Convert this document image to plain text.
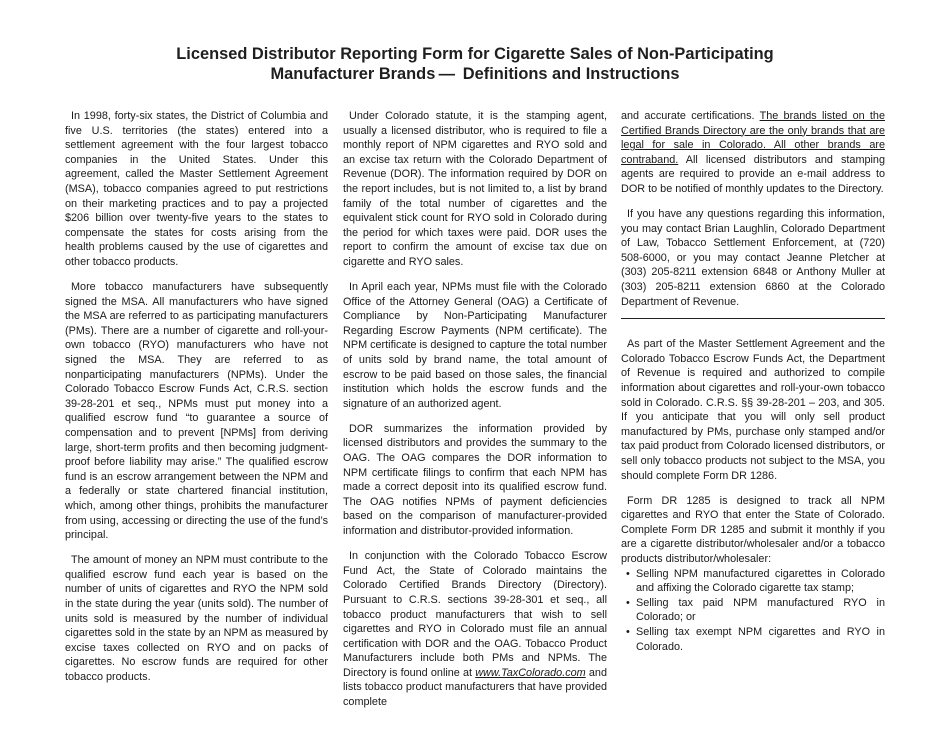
Licensed Distributor Reporting Form for Cigarette Sales of Non-Participating
Manufacturer Brands —  Definitions and Instructions

In 1998, forty-six states, the District of Columbia and five U.S. territories (the states) entered into a settlement agreement with the four largest tobacco companies in the United States. Under this agreement, called the Master Settlement Agreement (MSA), tobacco companies agreed to put restrictions on their marketing practices and to pay a projected $206 billion over twenty-five years to the states to compensate the states for costs arising from the health problems caused by the use of cigarettes and other tobacco products.

More tobacco manufacturers have subsequently signed the MSA. All manufacturers who have signed the MSA are referred to as participating manufacturers (PMs). There are a number of cigarette and roll-your-own tobacco (RYO) manufacturers who have not signed the MSA. They are referred to as nonparticipating manufacturers (NPMs). Under the Colorado Tobacco Escrow Funds Act, C.R.S. section 39-28-201 et seq., NPMs must put money into a qualified escrow fund “to guarantee a source of compensation and to prevent [NPMs] from deriving large, short-term profits and then becoming judgment-proof before liability may arise.” The qualified escrow fund is an escrow arrangement between the NPM and a federally or state chartered financial institution, which, among other things, prohibits the manufacturer from using, accessing or directing the use of the fund’s principal.

The amount of money an NPM must contribute to the qualified escrow fund each year is based on the number of units of cigarettes and RYO the NPM sold in the state during the year (units sold). The number of units sold is measured by the number of individual cigarettes sold in the state by an NPM as measured by excise taxes collected on RYO and on packs of cigarettes. No escrow funds are required for other tobacco products.

Under Colorado statute, it is the stamping agent, usually a licensed distributor, who is required to file a monthly report of NPM cigarettes and RYO sold and an excise tax return with the Colorado Department of Revenue (DOR). The information required by DOR on the report includes, but is not limited to, a list by brand family of the total number of cigarettes and the equivalent stick count for RYO sold in Colorado during the period for which taxes were paid. DOR uses the report to confirm the amount of excise tax due on cigarette and RYO sales.

In April each year, NPMs must file with the Colorado Office of the Attorney General (OAG) a Certificate of Compliance by Non-Participating Manufacturer Regarding Escrow Payments (NPM certificate). The NPM certificate is designed to capture the total number of units sold by brand name, the total amount of escrow to be paid based on those sales, the financial institution which holds the escrow funds and the signature of an authorized agent.

DOR summarizes the information provided by licensed distributors and provides the summary to the OAG. The OAG compares the DOR information to NPM certificate filings to confirm that each NPM has made a correct deposit into its qualified escrow fund. The OAG notifies NPMs of payment deficiencies based on the comparison of manufacturer-provided information and distributor-provided information.

In conjunction with the Colorado Tobacco Escrow Fund Act, the State of Colorado maintains the Colorado Certified Brands Directory (Directory). Pursuant to C.R.S. sections 39-28-301 et seq., all tobacco product manufacturers that wish to sell cigarettes and RYO in Colorado must file an annual certification with DOR and the OAG. Tobacco Product Manufacturers include both PMs and NPMs. The Directory is found online at www.TaxColorado.com and lists tobacco product manufacturers that have provided complete

and accurate certifications. The brands listed on the Certified Brands Directory are the only brands that are legal for sale in Colorado. All other brands are contraband. All licensed distributors and stamping agents are required to provide an e-mail address to DOR to be notified of monthly updates to the Directory.

If you have any questions regarding this information, you may contact Brian Laughlin, Colorado Department of Law, Tobacco Settlement Enforcement, at (720) 508-6000, or you may contact Jeanne Pletcher at (303) 205-8211 extension 6848 or Anthony Muller at (303) 205-8211 extension 6860 at the Colorado Department of Revenue.

As part of the Master Settlement Agreement and the Colorado Tobacco Escrow Funds Act, the Department of Revenue is required and authorized to compile information about cigarettes and roll-your-own tobacco sold in Colorado. C.R.S. §§ 39-28-201 – 203, and 305. If you anticipate that you will only sell product manufactured by PMs, purchase only stamped and/or tax paid product from Colorado licensed distributors, or sell only tobacco products not subject to the MSA, you should complete Form DR 1286.

Form DR 1285 is designed to track all NPM cigarettes and RYO that enter the State of Colorado. Complete Form DR 1285 and submit it monthly if you are a cigarette distributor/wholesaler and/or a tobacco products distributor/wholesaler:

• Selling NPM manufactured cigarettes in Colorado and affixing the Colorado cigarette tax stamp;
• Selling tax paid NPM manufactured RYO in Colorado; or
• Selling tax exempt NPM cigarettes and RYO in Colorado.
